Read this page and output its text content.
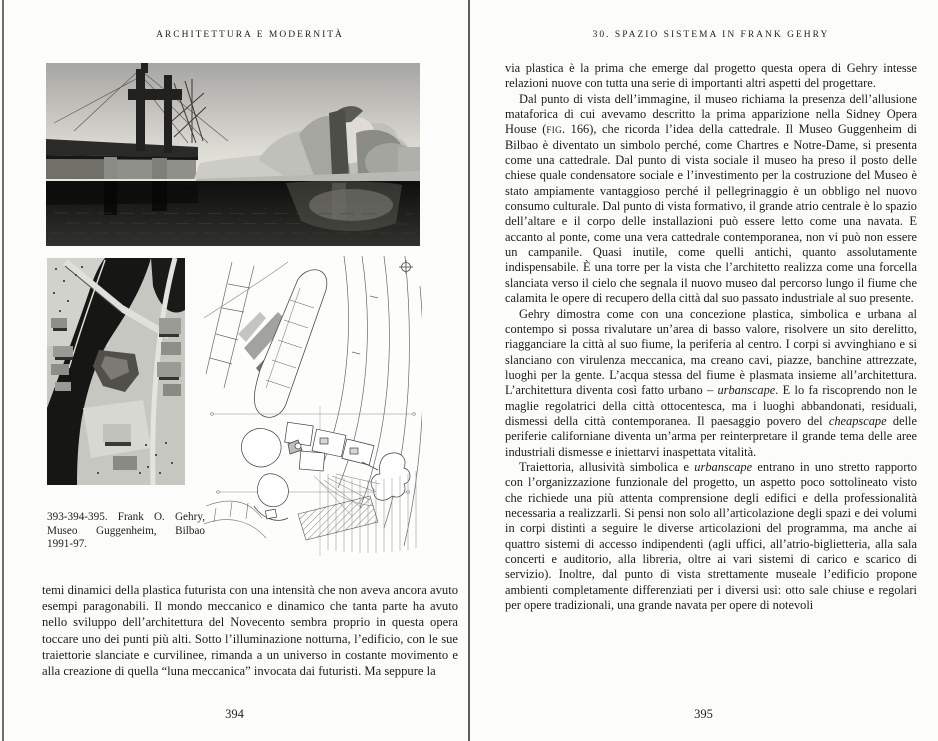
ARCHITETTURA E MODERNITÀ
393-394-395. Frank O. Gehry,
Museo Guggenheim, Bilbao
1991-97.

temi dinamici della plastica futurista con una intensità che non aveva ancora avuto esempi paragonabili. Il mondo meccanico e dinamico che tanta parte ha avuto nello sviluppo dell’architettura del Novecento sembra proprio in questa opera toccare uno dei punti più alti. Sotto l’illuminazione notturna, l’edificio, con le sue traiettorie slanciate e curvilinee, rimanda a un universo in costante movimento e alla creazione di quella “luna meccanica” invocata dai futuristi. Ma seppure la

394
30. SPAZIO SISTEMA IN FRANK GEHRY

via plastica è la prima che emerge dal progetto questa opera di Gehry intesse relazioni nuove con tutta una serie di importanti altri aspetti del progettare.

Dal punto di vista dell’immagine, il museo richiama la presenza dell’allusione mataforica di cui avevamo descritto la prima apparizione nella Sidney Opera House (fig. 166), che ricorda l’idea della cattedrale. Il Museo Guggenheim di Bilbao è diventato un simbolo perché, come Chartres e Notre-Dame, si presenta come una cattedrale. Dal punto di vista sociale il museo ha preso il posto delle chiese quale condensatore sociale e l’investimento per la costruzione del Museo è stato ampiamente vantaggioso perché il pellegrinaggio è un obbligo nel nuovo consumo culturale. Dal punto di vista formativo, il grande atrio centrale è lo spazio dell’altare e il corpo delle installazioni può essere letto come una navata. E accanto al ponte, come una vera cattedrale contemporanea, non vi può non essere un campanile. Quasi inutile, come quelli antichi, quanto assolutamente indispensabile. È una torre per la vista che l’architetto realizza come una forcella slanciata verso il cielo che segnala il nuovo museo dal percorso lungo il fiume che calamita le opere di recupero della città dal suo passato industriale al suo presente.

Gehry dimostra come con una concezione plastica, simbolica e urbana al contempo si possa rivalutare un’area di basso valore, risolvere un sito derelitto, riagganciare la città al suo fiume, la periferia al centro. I corpi si avvinghiano e si slanciano con virulenza meccanica, ma creano cavi, piazze, banchine attrezzate, luoghi per la gente. L’acqua stessa del fiume è plasmata insieme all’architettura. L’architettura diventa così fatto urbano – urbanscape. E lo fa riscoprendo non le maglie regolatrici della città ottocentesca, ma i luoghi abbandonati, residuali, dismessi della città contemporanea. Il paesaggio povero del cheapscape delle periferie californiane diventa un’arma per reinterpretare il grande tema delle aree industriali dismesse e iniettarvi inaspettata vitalità.

Traiettoria, allusività simbolica e urbanscape entrano in uno stretto rapporto con l’organizzazione funzionale del progetto, un aspetto poco sottolineato visto che richiede una più attenta comprensione degli edifici e della professionalità necessaria a realizzarli. Si pensi non solo all’articolazione degli spazi e dei volumi in corpi distinti a seguire le diverse articolazioni del programma, ma anche ai quattro sistemi di accesso indipendenti (agli uffici, all’atrio-biglietteria, alla sala concerti e auditorio, alla libreria, oltre ai vari sistemi di carico e scarico di servizio). Inoltre, dal punto di vista strettamente museale l’edificio propone ambienti completamente differenziati per i diversi usi: otto sale chiuse e regolari per opere tradizionali, una grande navata per opere di notevoli

395
